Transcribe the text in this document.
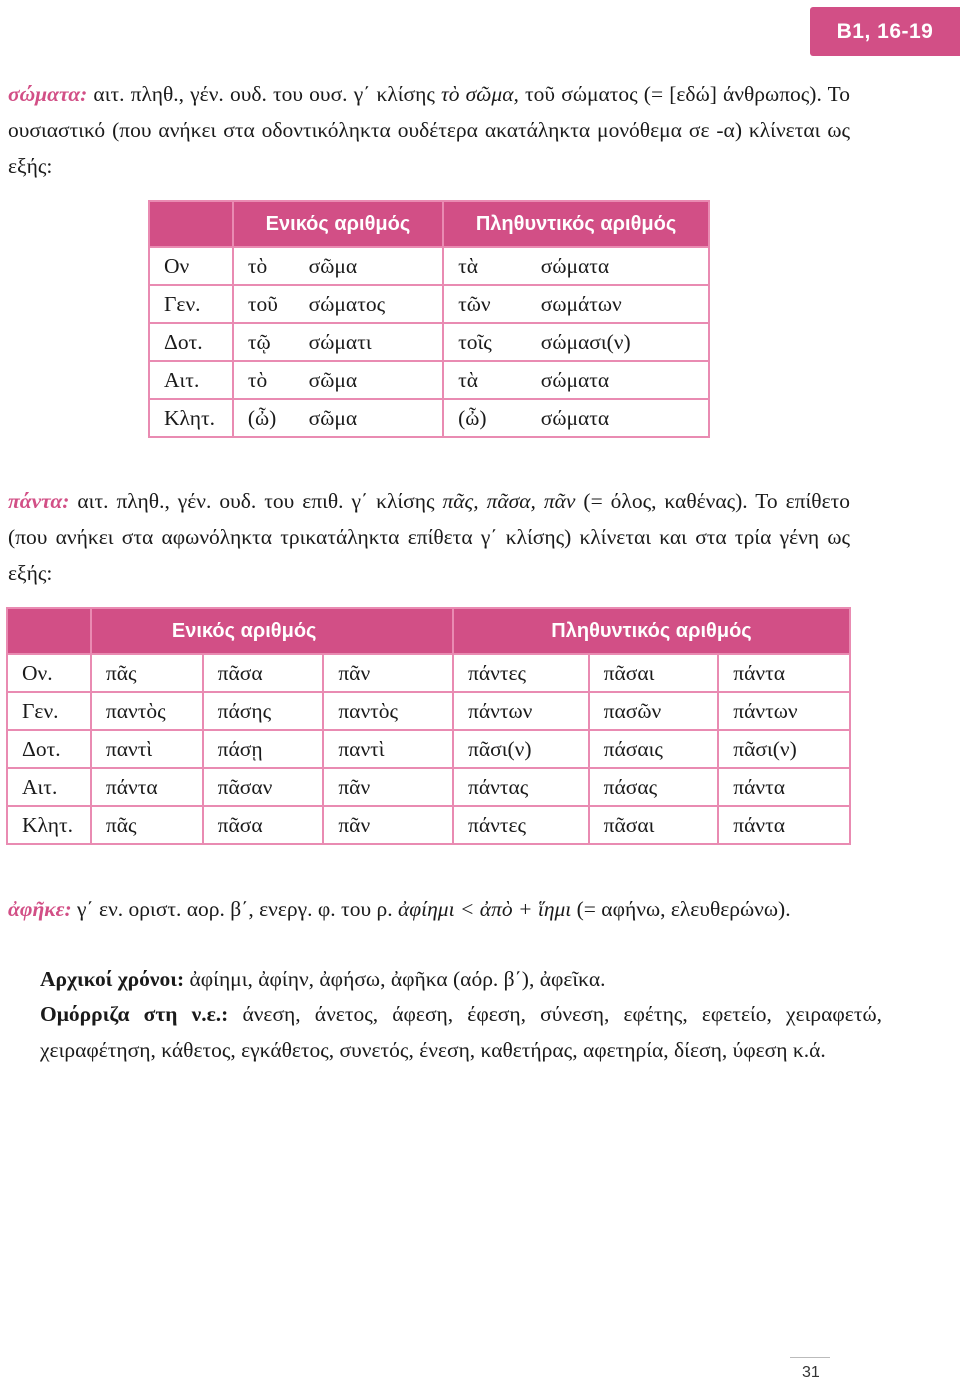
Β1, 16-19
σώματα: αιτ. πληθ., γέν. ουδ. του ουσ. γ΄ κλίσης τὸ σῶμα, τοῦ σώματος (= [εδώ] άνθρωπος). Το ουσιαστικό (που ανήκει στα οδοντικόληκτα ουδέτερα ακατάληκτα μονόθεμα σε -α) κλίνεται ως εξής:
	Ενικός αριθμός		Πληθυντικός αριθμός	
Ον	τὸ	σῶμα	τὰ	σώματα
Γεν.	τοῦ	σώματος	τῶν	σωμάτων
Δοτ.	τῷ	σώματι	τοῖς	σώμασι(ν)
Αιτ.	τὸ	σῶμα	τὰ	σώματα
Κλητ.	(ὦ)	σῶμα	(ὦ)	σώματα
πάντα: αιτ. πληθ., γέν. ουδ. του επιθ. γ΄ κλίσης πᾶς, πᾶσα, πᾶν (= όλος, καθένας). Το επίθετο (που ανήκει στα αφωνόληκτα τρικατάληκτα επίθετα γ΄ κλίσης) κλίνεται και στα τρία γένη ως εξής:
	Ενικός αριθμός			Πληθυντικός αριθμός		
Ον.	πᾶς	πᾶσα	πᾶν	πάντες	πᾶσαι	πάντα
Γεν.	παντὸς	πάσης	παντὸς	πάντων	πασῶν	πάντων
Δοτ.	παντὶ	πάσῃ	παντὶ	πᾶσι(ν)	πάσαις	πᾶσι(ν)
Αιτ.	πάντα	πᾶσαν	πᾶν	πάντας	πάσας	πάντα
Κλητ.	πᾶς	πᾶσα	πᾶν	πάντες	πᾶσαι	πάντα
ἀφῆκε: γ΄ εν. οριστ. αορ. β΄, ενεργ. φ. του ρ. ἀφίημι < ἀπὸ + ἵημι (= αφήνω, ελευθερώνω).
Αρχικοί χρόνοι: ἀφίημι, ἀφίην, ἀφήσω, ἀφῆκα (αόρ. β΄), ἀφεῖκα.
Ομόρριζα στη ν.ε.: άνεση, άνετος, άφεση, έφεση, σύνεση, εφέτης, εφετείο, χειραφετώ, χειραφέτηση, κάθετος, εγκάθετος, συνετός, ένεση, καθετήρας, αφετηρία, δίεση, ύφεση κ.ά.
31
